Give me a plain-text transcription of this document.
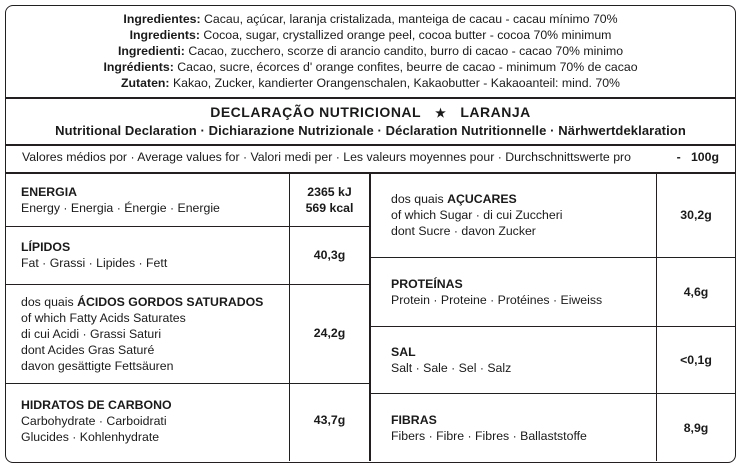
Ingredientes: Cacau, açúcar, laranja cristalizada, manteiga de cacau - cacau mínimo 70%
Ingredients: Cocoa, sugar, crystallized orange peel, cocoa butter - cocoa 70% minimum
Ingredienti: Cacao, zucchero, scorze di arancio candito, burro di cacao - cacao 70% minimo
Ingrédients: Cacao, sucre, écorces d' orange confites, beurre de cacao - minimum 70% de cacao
Zutaten: Kakao, Zucker, kandierter Orangenschalen, Kakaobutter - Kakaoanteil: mind. 70%
DECLARAÇÃO NUTRICIONAL ★ LARANJA
Nutritional Declaration · Dichiarazione Nutrizionale · Déclaration Nutritionnelle · Närhwertdeklaration
Valores médios por · Average values for · Valori medi per · Les valeurs moyennes pour · Durchschnittswerte pro	- 100g
ENERGIA
Energy · Energia · Énergie · Energie
2365 kJ
569 kcal
LÍPIDOS
Fat · Grassi · Lipides · Fett
40,3g
dos quais ÁCIDOS GORDOS SATURADOS
of which Fatty Acids Saturates
di cui Acidi · Grassi Saturi
dont Acides Gras Saturé
davon gesättigte Fettsäuren
24,2g
HIDRATOS DE CARBONO
Carbohydrate · Carboidrati
Glucides · Kohlenhydrate
43,7g
dos quais AÇUCARES
of which Sugar · di cui Zuccheri
dont Sucre · davon Zucker
30,2g
PROTEÍNAS
Protein · Proteine · Protéines · Eiweiss
4,6g
SAL
Salt · Sale · Sel · Salz
<0,1g
FIBRAS
Fibers · Fibre · Fibres · Ballaststoffe
8,9g
